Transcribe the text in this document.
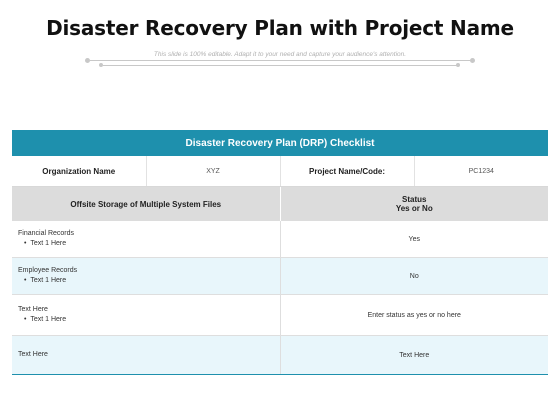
Disaster Recovery Plan with Project Name
This slide is 100% editable. Adapt it to your need and capture your audience's attention.
Disaster Recovery Plan (DRP) Checklist			
Organization Name	XYZ	Project Name/Code:	PC1234
Offsite Storage of Multiple System Files		Status
Yes or No	

Financial Records
•  Text 1 Here		Yes	

Employee Records
•  Text 1 Here		No	

Text Here
•  Text 1 Here		Enter status as yes or no here	
Text Here		Text Here	
